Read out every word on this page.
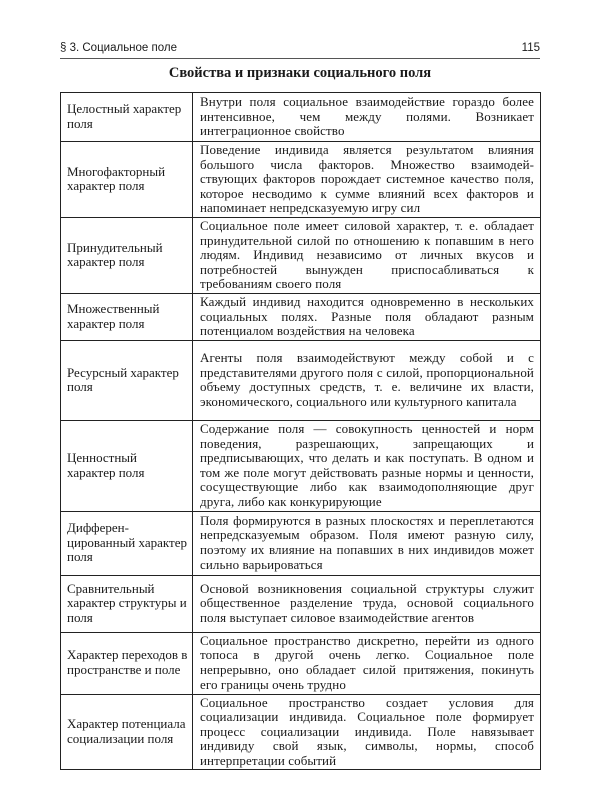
§ 3. Социальное поле	115
Свойства и признаки социального поля
Целостный характер поля	Внутри поля социальное взаимодействие гораздо более интенсивное, чем между полями. Возникает интеграционное свойство
Многофакторный характер поля	Поведение индивида является результатом влияния большого числа факторов. Множество взаимодействующих факторов порождает системное качество поля, которое несводимо к сумме влияний всех факторов и напоминает непредсказуемую игру сил
Принудительный характер поля	Социальное поле имеет силовой характер, т. е. обладает принудительной силой по отношению к попавшим в него людям. Индивид независимо от личных вкусов и потребностей вынужден приспосабливаться к требованиям своего поля
Множественный характер поля	Каждый индивид находится одновременно в нескольких социальных полях. Разные поля обладают разным потенциалом воздействия на человека
Ресурсный характер поля	Агенты поля взаимодействуют между собой и с представителями другого поля с силой, пропорциональной объему доступных средств, т. е. величине их власти, экономического, социального или культурного капитала
Ценностный характер поля	Содержание поля — совокупность ценностей и норм поведения, разрешающих, запрещающих и предписывающих, что делать и как поступать. В одном и том же поле могут действовать разные нормы и ценности, сосуществующие либо как взаимодополняющие друг друга, либо как конкурирующие
Дифференцированный характер поля	Поля формируются в разных плоскостях и переплетаются непредсказуемым образом. Поля имеют разную силу, поэтому их влияние на попавших в них индивидов может сильно варьироваться
Сравнительный характер структуры и поля	Основой возникновения социальной структуры служит общественное разделение труда, основой социального поля выступает силовое взаимодействие агентов
Характер переходов в пространстве и поле	Социальное пространство дискретно, перейти из одного топоса в другой очень легко. Социальное поле непрерывно, оно обладает силой притяжения, покинуть его границы очень трудно
Характер потенциала социализации поля	Социальное пространство создает условия для социализации индивида. Социальное поле формирует процесс социализации индивида. Поле навязывает индивиду свой язык, символы, нормы, способ интерпретации событий
